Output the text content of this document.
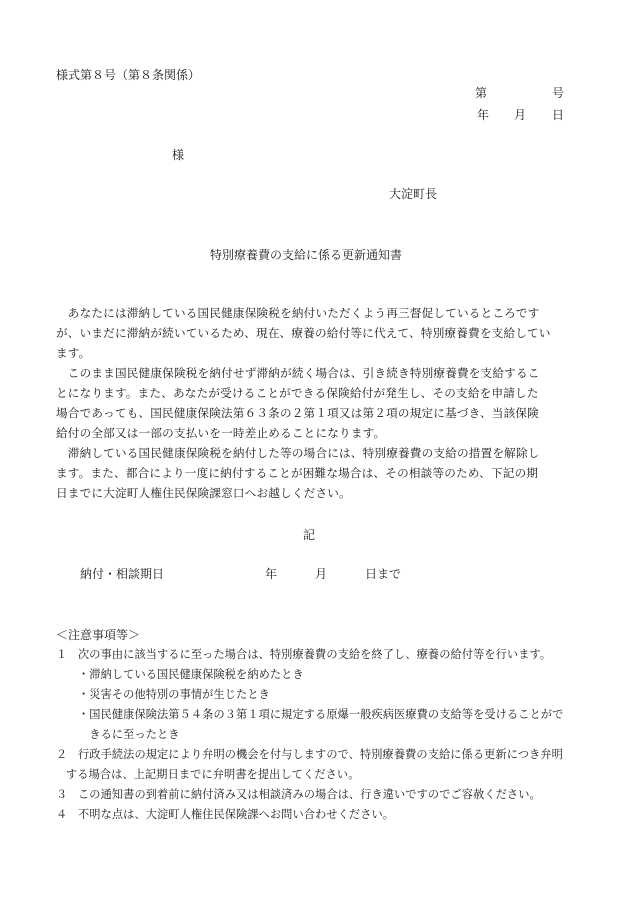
様式第８号（第８条関係）
第	号
年 月 日
様
大淀町長
特別療養費の支給に係る更新通知書
　あなたには滞納している国民健康保険税を納付いただくよう再三督促しているところです
が、いまだに滞納が続いているため、現在、療養の給付等に代えて、特別療養費を支給してい
ます。
　このまま国民健康保険税を納付せず滞納が続く場合は、引き続き特別療養費を支給するこ
とになります。また、あなたが受けることができる保険給付が発生し、その支給を申請した
場合であっても、国民健康保険法第６３条の２第１項又は第２項の規定に基づき、当該保険
給付の全部又は一部の支払いを一時差止めることになります。
　滞納している国民健康保険税を納付した等の場合には、特別療養費の支給の措置を解除し
ます。また、都合により一度に納付することが困難な場合は、その相談等のため、下記の期
日までに大淀町人権住民保険課窓口へお越しください。
記
納付・相談期日	年	月	日まで
＜注意事項等＞
１ 次の事由に該当するに至った場合は、特別療養費の支給を終了し、療養の給付等を行います。
・滞納している国民健康保険税を納めたとき
・災害その他特別の事情が生じたとき
・国民健康保険法第５４条の３第１項に規定する原爆一般疾病医療費の支給等を受けることがで
　きるに至ったとき
２ 行政手続法の規定により弁明の機会を付与しますので、特別療養費の支給に係る更新につき弁明
する場合は、上記期日までに弁明書を提出してください。
３ この通知書の到着前に納付済み又は相談済みの場合は、行き違いですのでご容赦ください。
４ 不明な点は、大淀町人権住民保険課へお問い合わせください。
